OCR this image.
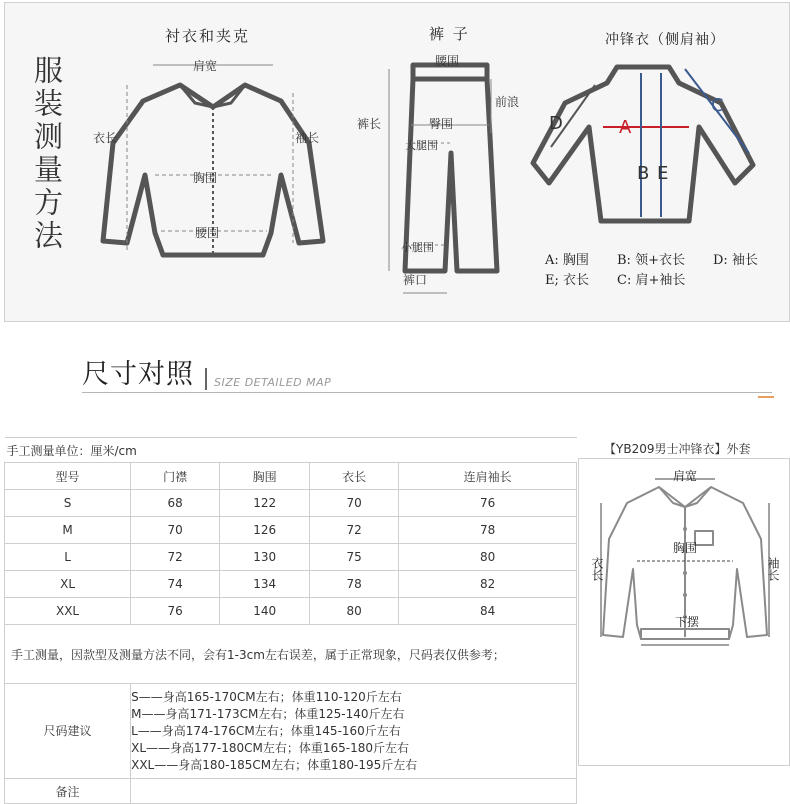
服装测量方法
衬衣和夹克
肩宽
衣长	袖长
胸围
腰围
裤 子
腰围
前浪
裤长	臀围
大腿围
小腿围
裤口
冲锋衣（侧肩袖）
D	A
C
B E
A: 胸围 B: 领+衣长 D: 袖长
E; 衣长 C: 肩+袖长
尺寸对照 SIZE DETAILED MAP
【YB209男士冲锋衣】外套
手工测量单位：厘米/cm				
型号	门襟	胸围	衣长	连肩袖长
S	68	122	70	76
M	70	126	72	78
L	72	130	75	80
XL	74	134	78	82
XXL	76	140	80	84
手工测量，因款型及测量方法不同，会有1-3cm左右误差，属于正常现象，尺码表仅供参考；				
尺码建议	S——身高165-170CM左右；体重110-120斤左右
M——身高171-173CM左右；体重125-140斤左右
L——身高174-176CM左右；体重145-160斤左右
XL——身高177-180CM左右；体重165-180斤左右
XXL——身高180-185CM左右；体重180-195斤左右			

备注				
肩宽
衣长	袖长
胸围
下摆
